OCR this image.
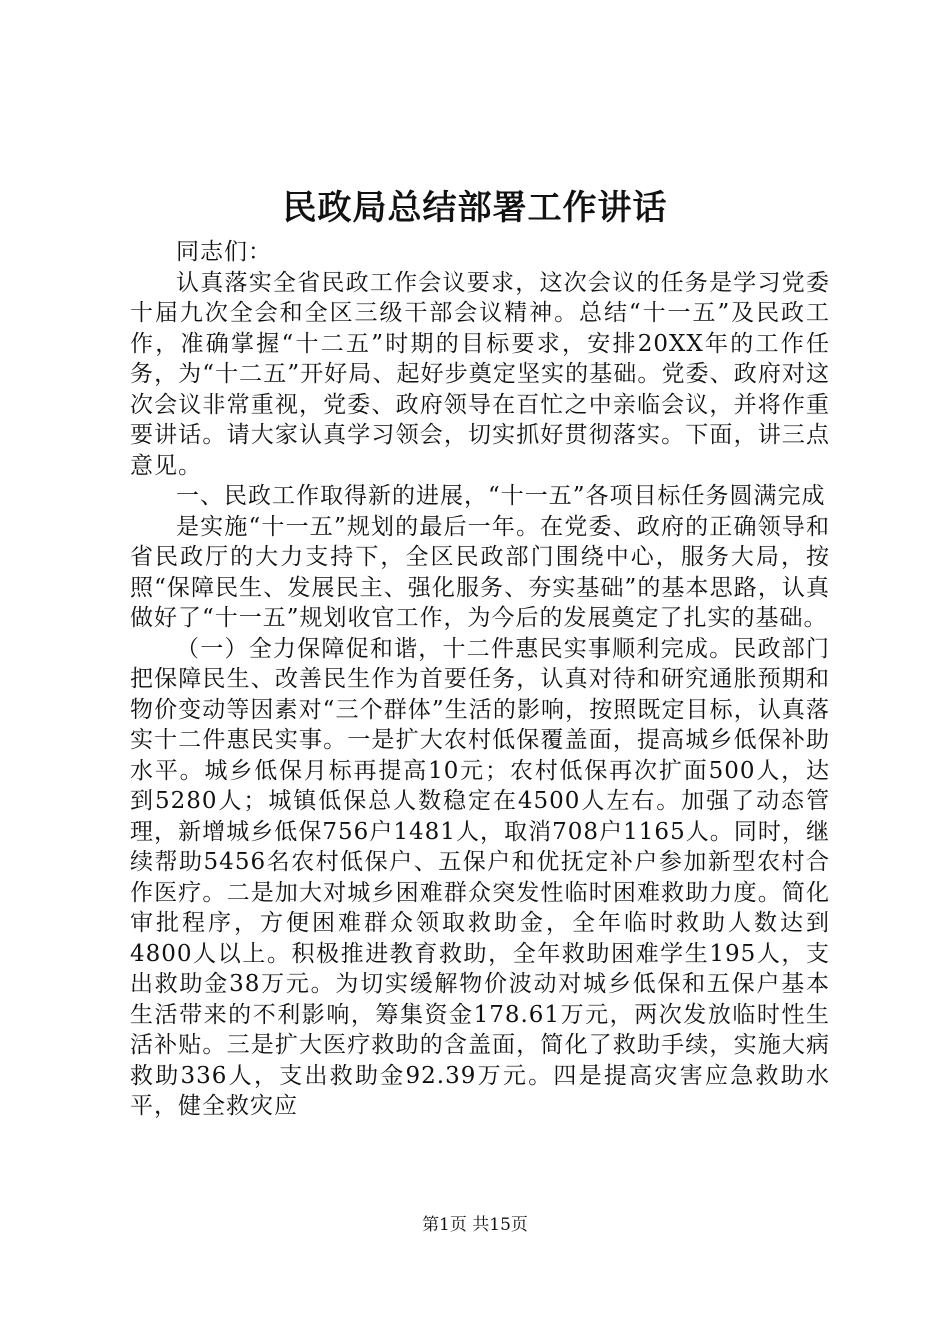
民政局总结部署工作讲话

同志们：

认真落实全省民政工作会议要求，这次会议的任务是学习党委十届九次全会和全区三级干部会议精神。总结“十一五”及民政工作，准确掌握“十二五”时期的目标要求，安排20XX年的工作任务，为“十二五”开好局、起好步奠定坚实的基础。党委、政府对这次会议非常重视，党委、政府领导在百忙之中亲临会议，并将作重要讲话。请大家认真学习领会，切实抓好贯彻落实。下面，讲三点意见。

一、民政工作取得新的进展，“十一五”各项目标任务圆满完成

是实施“十一五”规划的最后一年。在党委、政府的正确领导和省民政厅的大力支持下，全区民政部门围绕中心，服务大局，按照“保障民生、发展民主、强化服务、夯实基础”的基本思路，认真做好了“十一五”规划收官工作，为今后的发展奠定了扎实的基础。

（一）全力保障促和谐，十二件惠民实事顺利完成。民政部门把保障民生、改善民生作为首要任务，认真对待和研究通胀预期和物价变动等因素对“三个群体”生活的影响，按照既定目标，认真落实十二件惠民实事。一是扩大农村低保覆盖面，提高城乡低保补助水平。城乡低保月标再提高10元；农村低保再次扩面500人，达到5280人；城镇低保总人数稳定在4500人左右。加强了动态管理，新增城乡低保756户1481人，取消708户1165人。同时，继续帮助5456名农村低保户、五保户和优抚定补户参加新型农村合作医疗。二是加大对城乡困难群众突发性临时困难救助力度。简化审批程序，方便困难群众领取救助金，全年临时救助人数达到4800人以上。积极推进教育救助，全年救助困难学生195人，支出救助金38万元。为切实缓解物价波动对城乡低保和五保户基本生活带来的不利影响，筹集资金178.61万元，两次发放临时性生活补贴。三是扩大医疗救助的含盖面，简化了救助手续，实施大病救助336人，支出救助金92.39万元。四是提高灾害应急救助水平，健全救灾应

第1页 共15页
